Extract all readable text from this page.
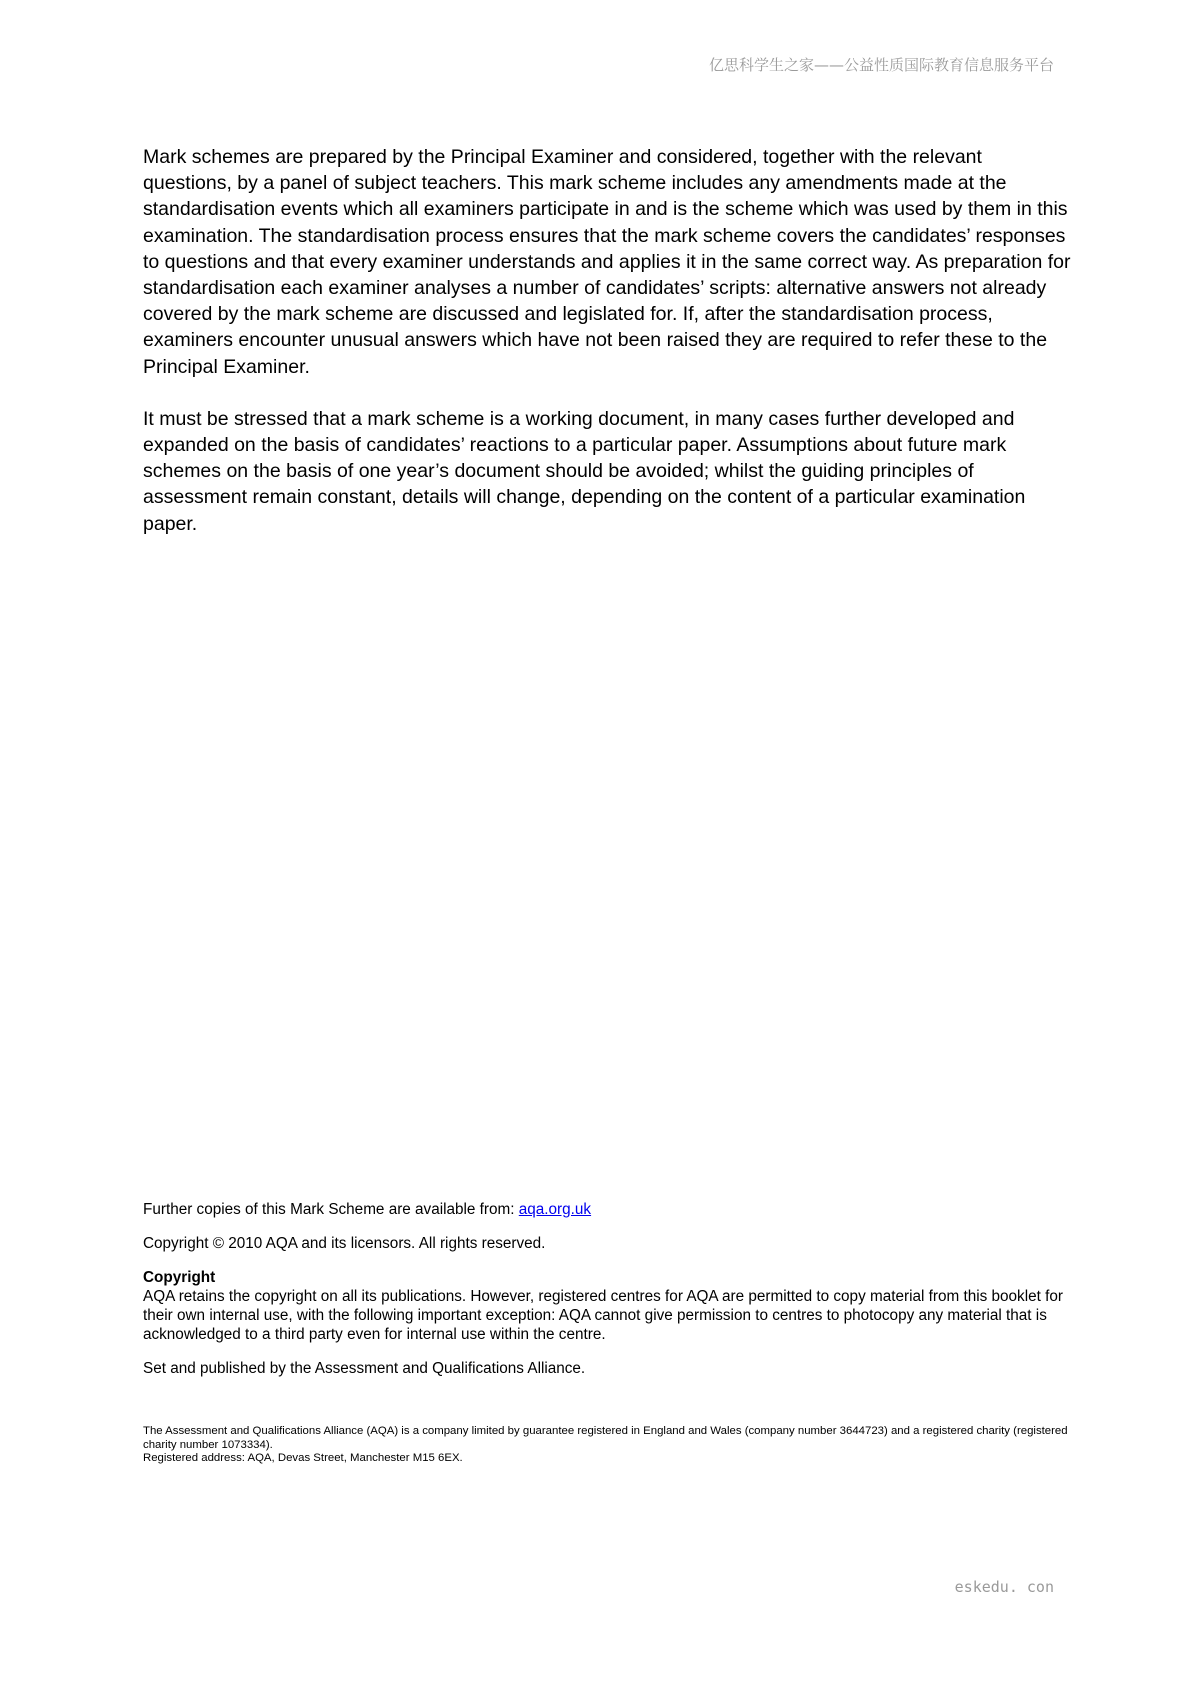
亿思科学生之家——公益性质国际教育信息服务平台

Mark schemes are prepared by the Principal Examiner and considered, together with the relevant questions, by a panel of subject teachers. This mark scheme includes any amendments made at the standardisation events which all examiners participate in and is the scheme which was used by them in this examination. The standardisation process ensures that the mark scheme covers the candidates’ responses to questions and that every examiner understands and applies it in the same correct way. As preparation for standardisation each examiner analyses a number of candidates’ scripts: alternative answers not already covered by the mark scheme are discussed and legislated for. If, after the standardisation process, examiners encounter unusual answers which have not been raised they are required to refer these to the Principal Examiner.

It must be stressed that a mark scheme is a working document, in many cases further developed and expanded on the basis of candidates’ reactions to a particular paper. Assumptions about future mark schemes on the basis of one year’s document should be avoided; whilst the guiding principles of assessment remain constant, details will change, depending on the content of a particular examination paper.

Further copies of this Mark Scheme are available from: aqa.org.uk

Copyright © 2010 AQA and its licensors. All rights reserved.

Copyright

AQA retains the copyright on all its publications. However, registered centres for AQA are permitted to copy material from this booklet for their own internal use, with the following important exception: AQA cannot give permission to centres to photocopy any material that is acknowledged to a third party even for internal use within the centre.

Set and published by the Assessment and Qualifications Alliance.

The Assessment and Qualifications Alliance (AQA) is a company limited by guarantee registered in England and Wales (company number 3644723) and a registered charity (registered charity number 1073334).

Registered address: AQA, Devas Street, Manchester M15 6EX.

eskedu. con
